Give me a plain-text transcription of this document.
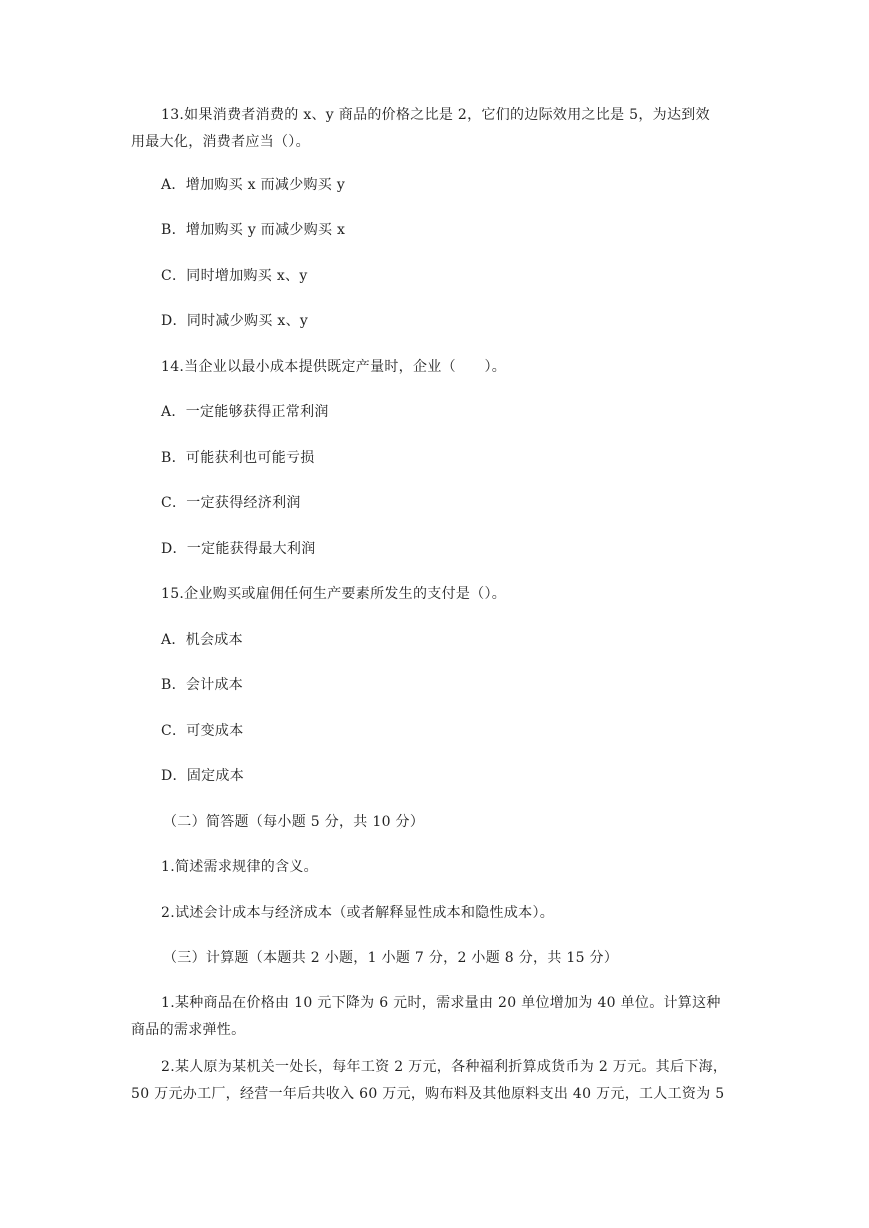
13.如果消费者消费的 x、y 商品的价格之比是 2，它们的边际效用之比是 5，为达到效
用最大化，消费者应当（）。
A．增加购买 x 而减少购买 y
B．增加购买 y 而减少购买 x
C．同时增加购买 x、y
D．同时减少购买 x、y
14.当企业以最小成本提供既定产量时，企业（　　）。
A．一定能够获得正常利润
B．可能获利也可能亏损
C．一定获得经济利润
D．一定能获得最大利润
15.企业购买或雇佣任何生产要素所发生的支付是（）。
A．机会成本
B．会计成本
C．可变成本
D．固定成本
（二）简答题（每小题 5 分，共 10 分）
1.简述需求规律的含义。
2.试述会计成本与经济成本（或者解释显性成本和隐性成本）。
（三）计算题（本题共 2 小题，1 小题 7 分，2 小题 8 分，共 15 分）
1.某种商品在价格由 10 元下降为 6 元时，需求量由 20 单位增加为 40 单位。计算这种
商品的需求弹性。
2.某人原为某机关一处长，每年工资 2 万元，各种福利折算成货币为 2 万元。其后下海，
50 万元办工厂，经营一年后共收入 60 万元，购布料及其他原料支出 40 万元，工人工资为 5
